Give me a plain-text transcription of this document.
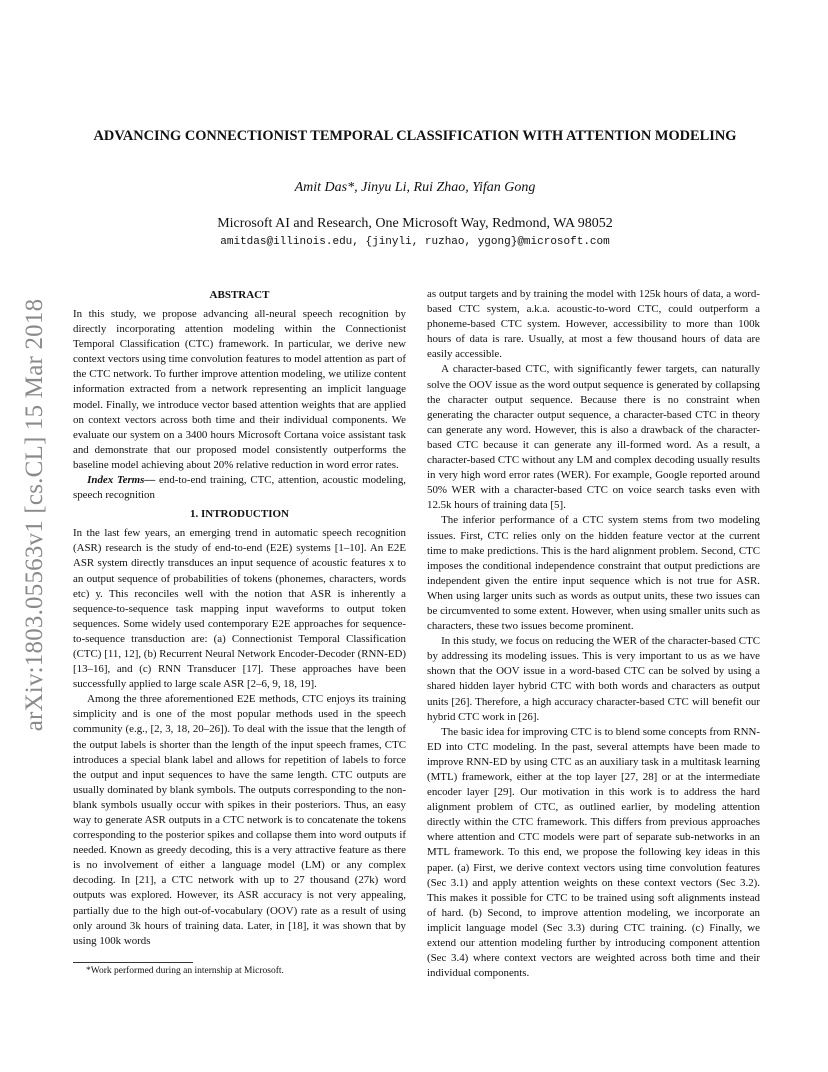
arXiv:1803.05563v1 [cs.CL] 15 Mar 2018
ADVANCING CONNECTIONIST TEMPORAL CLASSIFICATION WITH ATTENTION MODELING
Amit Das*, Jinyu Li, Rui Zhao, Yifan Gong
Microsoft AI and Research, One Microsoft Way, Redmond, WA 98052
amitdas@illinois.edu, {jinyli, ruzhao, ygong}@microsoft.com
ABSTRACT

In this study, we propose advancing all-neural speech recognition by directly incorporating attention modeling within the Connectionist Temporal Classification (CTC) framework. In particular, we derive new context vectors using time convolution features to model attention as part of the CTC network. To further improve attention modeling, we utilize content information extracted from a network representing an implicit language model. Finally, we introduce vector based attention weights that are applied on context vectors across both time and their individual components. We evaluate our system on a 3400 hours Microsoft Cortana voice assistant task and demonstrate that our proposed model consistently outperforms the baseline model achieving about 20% relative reduction in word error rates.

Index Terms— end-to-end training, CTC, attention, acoustic modeling, speech recognition

1. INTRODUCTION

In the last few years, an emerging trend in automatic speech recognition (ASR) research is the study of end-to-end (E2E) systems [1–10]. An E2E ASR system directly transduces an input sequence of acoustic features x to an output sequence of probabilities of tokens (phonemes, characters, words etc) y. This reconciles well with the notion that ASR is inherently a sequence-to-sequence task mapping input waveforms to output token sequences. Some widely used contemporary E2E approaches for sequence-to-sequence transduction are: (a) Connectionist Temporal Classification (CTC) [11, 12], (b) Recurrent Neural Network Encoder-Decoder (RNN-ED) [13–16], and (c) RNN Transducer [17]. These approaches have been successfully applied to large scale ASR [2–6, 9, 18, 19].

Among the three aforementioned E2E methods, CTC enjoys its training simplicity and is one of the most popular methods used in the speech community (e.g., [2, 3, 18, 20–26]). To deal with the issue that the length of the output labels is shorter than the length of the input speech frames, CTC introduces a special blank label and allows for repetition of labels to force the output and input sequences to have the same length. CTC outputs are usually dominated by blank symbols. The outputs corresponding to the non-blank symbols usually occur with spikes in their posteriors. Thus, an easy way to generate ASR outputs in a CTC network is to concatenate the tokens corresponding to the posterior spikes and collapse them into word outputs if needed. Known as greedy decoding, this is a very attractive feature as there is no involvement of either a language model (LM) or any complex decoding. In [21], a CTC network with up to 27 thousand (27k) word outputs was explored. However, its ASR accuracy is not very appealing, partially due to the high out-of-vocabulary (OOV) rate as a result of using only around 3k hours of training data. Later, in [18], it was shown that by using 100k words

*Work performed during an internship at Microsoft.

as output targets and by training the model with 125k hours of data, a word-based CTC system, a.k.a. acoustic-to-word CTC, could outperform a phoneme-based CTC system. However, accessibility to more than 100k hours of data is rare. Usually, at most a few thousand hours of data are easily accessible.

A character-based CTC, with significantly fewer targets, can naturally solve the OOV issue as the word output sequence is generated by collapsing the character output sequence. Because there is no constraint when generating the character output sequence, a character-based CTC in theory can generate any word. However, this is also a drawback of the character-based CTC because it can generate any ill-formed word. As a result, a character-based CTC without any LM and complex decoding usually results in very high word error rates (WER). For example, Google reported around 50% WER with a character-based CTC on voice search tasks even with 12.5k hours of training data [5].

The inferior performance of a CTC system stems from two modeling issues. First, CTC relies only on the hidden feature vector at the current time to make predictions. This is the hard alignment problem. Second, CTC imposes the conditional independence constraint that output predictions are independent given the entire input sequence which is not true for ASR. When using larger units such as words as output units, these two issues can be circumvented to some extent. However, when using smaller units such as characters, these two issues become prominent.

In this study, we focus on reducing the WER of the character-based CTC by addressing its modeling issues. This is very important to us as we have shown that the OOV issue in a word-based CTC can be solved by using a shared hidden layer hybrid CTC with both words and characters as output units [26]. Therefore, a high accuracy character-based CTC will benefit our hybrid CTC work in [26].

The basic idea for improving CTC is to blend some concepts from RNN-ED into CTC modeling. In the past, several attempts have been made to improve RNN-ED by using CTC as an auxiliary task in a multitask learning (MTL) framework, either at the top layer [27, 28] or at the intermediate encoder layer [29]. Our motivation in this work is to address the hard alignment problem of CTC, as outlined earlier, by modeling attention directly within the CTC framework. This differs from previous approaches where attention and CTC models were part of separate sub-networks in an MTL framework. To this end, we propose the following key ideas in this paper. (a) First, we derive context vectors using time convolution features (Sec 3.1) and apply attention weights on these context vectors (Sec 3.2). This makes it possible for CTC to be trained using soft alignments instead of hard. (b) Second, to improve attention modeling, we incorporate an implicit language model (Sec 3.3) during CTC training. (c) Finally, we extend our attention modeling further by introducing component attention (Sec 3.4) where context vectors are weighted across both time and their individual components.
